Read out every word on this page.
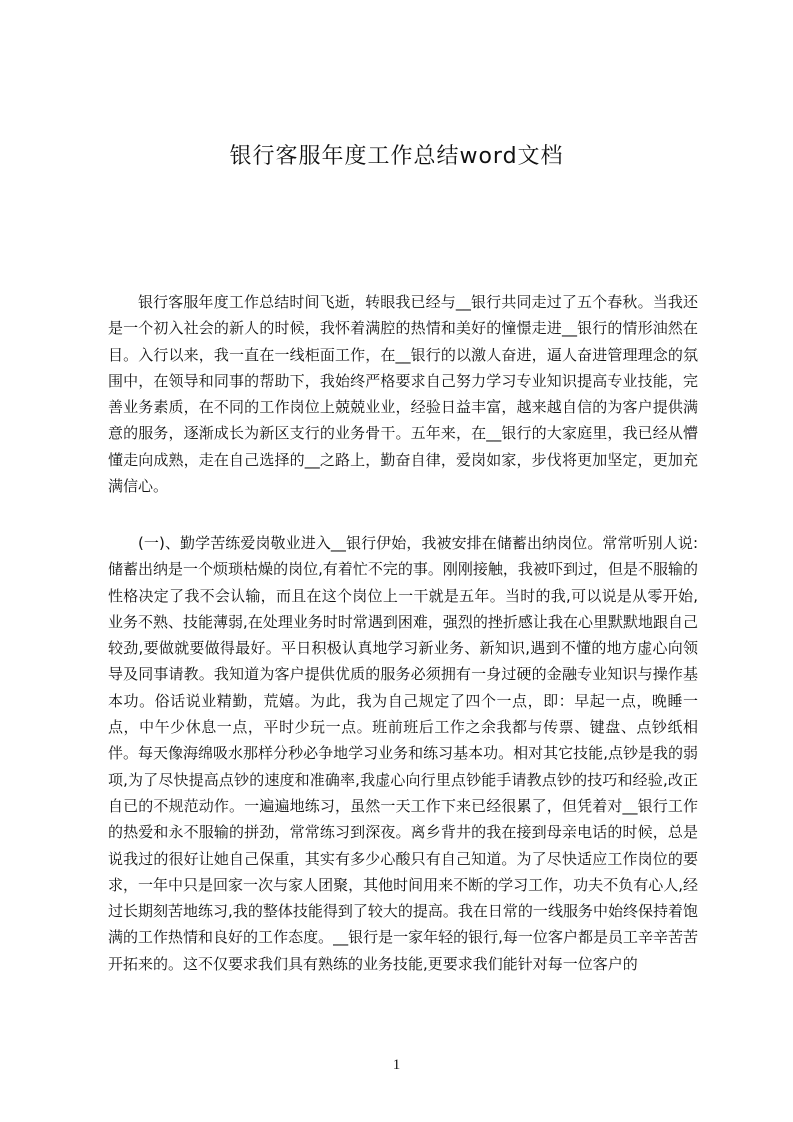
银行客服年度工作总结word文档

银行客服年度工作总结时间飞逝，转眼我已经与__银行共同走过了五个春秋。当我还是一个初入社会的新人的时候，我怀着满腔的热情和美好的憧憬走进__银行的情形油然在目。入行以来，我一直在一线柜面工作，在__银行的以激人奋进，逼人奋进管理理念的氛围中，在领导和同事的帮助下，我始终严格要求自己努力学习专业知识提高专业技能，完善业务素质，在不同的工作岗位上兢兢业业，经验日益丰富，越来越自信的为客户提供满意的服务，逐渐成长为新区支行的业务骨干。五年来，在__银行的大家庭里，我已经从懵懂走向成熟，走在自己选择的__之路上，勤奋自律，爱岗如家，步伐将更加坚定，更加充满信心。

(一)、勤学苦练爱岗敬业进入__银行伊始，我被安排在储蓄出纳岗位。常常听别人说:储蓄出纳是一个烦琐枯燥的岗位,有着忙不完的事。刚刚接触，我被吓到过，但是不服输的性格决定了我不会认输，而且在这个岗位上一干就是五年。当时的我,可以说是从零开始,业务不熟、技能薄弱,在处理业务时时常遇到困难，强烈的挫折感让我在心里默默地跟自己较劲,要做就要做得最好。平日积极认真地学习新业务、新知识,遇到不懂的地方虚心向领导及同事请教。我知道为客户提供优质的服务必须拥有一身过硬的金融专业知识与操作基本功。俗话说业精勤，荒嬉。为此，我为自己规定了四个一点，即：早起一点，晚睡一点，中午少休息一点，平时少玩一点。班前班后工作之余我都与传票、键盘、点钞纸相伴。每天像海绵吸水那样分秒必争地学习业务和练习基本功。相对其它技能,点钞是我的弱项,为了尽快提高点钞的速度和准确率,我虚心向行里点钞能手请教点钞的技巧和经验,改正自已的不规范动作。一遍遍地练习，虽然一天工作下来已经很累了，但凭着对__银行工作的热爱和永不服输的拼劲，常常练习到深夜。离乡背井的我在接到母亲电话的时候，总是说我过的很好让她自己保重，其实有多少心酸只有自己知道。为了尽快适应工作岗位的要求，一年中只是回家一次与家人团聚，其他时间用来不断的学习工作，功夫不负有心人,经过长期刻苦地练习,我的整体技能得到了较大的提高。我在日常的一线服务中始终保持着饱满的工作热情和良好的工作态度。__银行是一家年轻的银行,每一位客户都是员工辛辛苦苦开拓来的。这不仅要求我们具有熟练的业务技能,更要求我们能针对每一位客户的

1
